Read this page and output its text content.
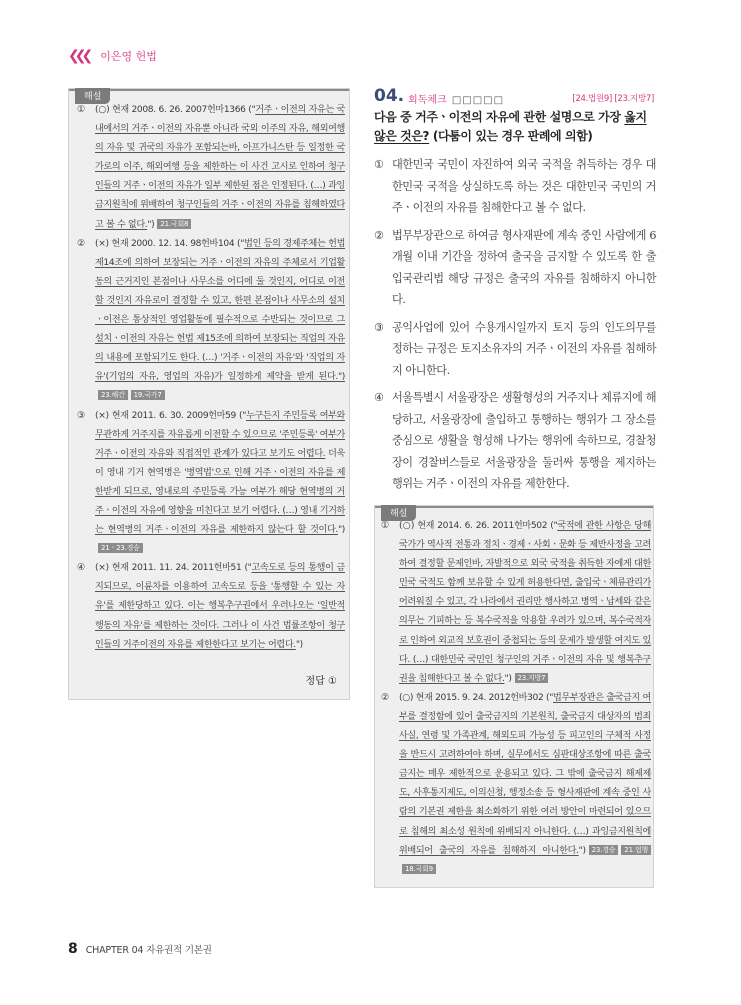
❮❮❮ 이은영 헌법
해설
①	(○) 현재 2008. 6. 26. 2007헌마1366 ("거주ㆍ이전의 자유는 국내에서의 거주ㆍ이전의 자유뿐 아니라 국외 이주의 자유, 해외여행의 자유 및 귀국의 자유가 포함되는바, 아프가니스탄 등 일정한 국가로의 이주, 해외여행 등을 제한하는 이 사건 고시로 인하여 청구인들의 거주ㆍ이전의 자유가 일부 제한된 점은 인정된다. (…) 과잉금지원칙에 위배하여 청구인들의 거주ㆍ이전의 자유를 침해하였다고 볼 수 없다.") 21.국회8
②	(×) 현재 2000. 12. 14. 98헌바104 ("법인 등의 경제주체는 헌법 제14조에 의하여 보장되는 거주ㆍ이전의 자유의 주체로서 기업활동의 근거지인 본점이나 사무소를 어디에 둘 것인지, 어디로 이전할 것인지 자유로이 결정할 수 있고, 한편 본점이나 사무소의 설치ㆍ이전은 통상적인 영업활동에 필수적으로 수반되는 것이므로 그 설치ㆍ이전의 자유는 헌법 제15조에 의하여 보장되는 직업의 자유의 내용에 포함되기도 한다. (…) '거주ㆍ이전의 자유'와 '직업의 자유'(기업의 자유, 영업의 자유)가 일정하게 제약을 받게 된다.")23.해간 19.국가7
③	(×) 현재 2011. 6. 30. 2009헌마59 ("누구든지 주민등록 여부와 무관하게 거주지를 자유롭게 이전할 수 있으므로 '주민등록' 여부가 거주ㆍ이전의 자유와 직접적인 관계가 있다고 보기도 어렵다. 더욱이 영내 기거 현역병은 '병역법'으로 인해 거주ㆍ이전의 자유를 제한받게 되므로, 영내로의 주민등록 가능 여부가 해당 현역병의 거주ㆍ이전의 자유에 영향을 미친다고 보기 어렵다. (…) 영내 기거하는 현역병의 거주ㆍ이전의 자유를 제한하지 않는다 할 것이다.")21ㆍ23.경승
④	(×) 현재 2011. 11. 24. 2011헌바51 ("고속도로 등의 통행이 금지되므로, 이륜차를 이용하여 고속도로 등을 '통행할 수 있는 자유'를 제한당하고 있다. 이는 행복추구권에서 우러나오는 '일반적 행동의 자유'를 제한하는 것이다. 그러나 이 사건 법률조항이 청구인들의 거주이전의 자유를 제한한다고 보기는 어렵다.")
정답 ①
04. 회독체크 □□□□□	[24.법원9] [23.지방7]
다음 중 거주ㆍ이전의 자유에 관한 설명으로 가장 옳지 않은 것은? (다툼이 있는 경우 판례에 의함)
① 대한민국 국민이 자진하여 외국 국적을 취득하는 경우 대한민국 국적을 상실하도록 하는 것은 대한민국 국민의 거주ㆍ이전의 자유를 침해한다고 볼 수 없다.
② 법무부장관으로 하여금 형사재판에 계속 중인 사람에게 6개월 이내 기간을 정하여 출국을 금지할 수 있도록 한 출입국관리법 해당 규정은 출국의 자유를 침해하지 아니한다.
③ 공익사업에 있어 수용개시일까지 토지 등의 인도의무를 정하는 규정은 토지소유자의 거주ㆍ이전의 자유를 침해하지 아니한다.
④ 서울특별시 서울광장은 생활형성의 거주지나 체류지에 해당하고, 서울광장에 출입하고 통행하는 행위가 그 장소를 중심으로 생활을 형성해 나가는 행위에 속하므로, 경찰청장이 경찰버스들로 서울광장을 둘러싸 통행을 제지하는 행위는 거주ㆍ이전의 자유를 제한한다.
해설
①	(○) 현재 2014. 6. 26. 2011헌마502 ("국적에 관한 사항은 당해 국가가 역사적 전통과 정치ㆍ경제ㆍ사회ㆍ문화 등 제반사정을 고려하여 결정할 문제인바, 자발적으로 외국 국적을 취득한 자에게 대한민국 국적도 함께 보유할 수 있게 허용한다면, 출입국ㆍ체류관리가 어려워질 수 있고, 각 나라에서 권리만 행사하고 병역ㆍ납세와 같은 의무는 기피하는 등 복수국적을 악용할 우려가 있으며, 복수국적자로 인하여 외교적 보호권이 중첩되는 등의 문제가 발생할 여지도 있다. (…) 대한민국 국민인 청구인의 거주ㆍ이전의 자유 및 행복추구권을 침해한다고 볼 수 없다.") 23.지방7
②	(○) 현재 2015. 9. 24. 2012헌바302 ("법무부장관은 출국금지 여부를 결정함에 있어 출국금지의 기본원칙, 출국금지 대상자의 범죄사실, 연령 및 가족관계, 해외도피 가능성 등 피고인의 구체적 사정을 반드시 고려하여야 하며, 실무에서도 심판대상조항에 따른 출국금지는 매우 제한적으로 운용되고 있다. 그 밖에 출국금지 해제제도, 사후통지제도, 이의신청, 행정소송 등 형사재판에 계속 중인 사람의 기본권 제한을 최소화하기 위한 여러 방안이 마련되어 있으므로 침해의 최소성 원칙에 위배되지 아니한다. (…) 과잉금지원칙에 위배되어 출국의 자유를 침해하지 아니한다.") 23.경승 21.법행18.국회9
8 CHAPTER 04 자유권적 기본권
